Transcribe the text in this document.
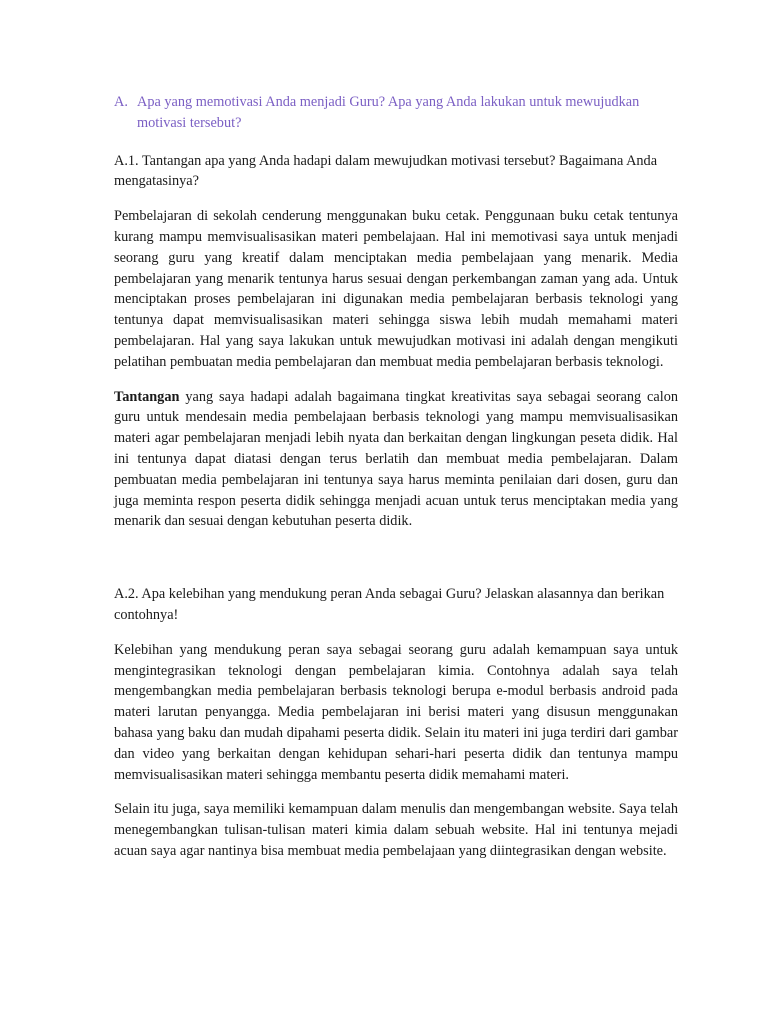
A. Apa yang memotivasi Anda menjadi Guru? Apa yang Anda lakukan untuk mewujudkan motivasi tersebut?
A.1. Tantangan apa yang Anda hadapi dalam mewujudkan motivasi tersebut? Bagaimana Anda mengatasinya?
Pembelajaran di sekolah cenderung menggunakan buku cetak. Penggunaan buku cetak tentunya kurang mampu memvisualisasikan materi pembelajaan. Hal ini memotivasi saya untuk menjadi seorang guru yang kreatif dalam menciptakan media pembelajaan yang menarik. Media pembelajaran yang menarik tentunya harus sesuai dengan perkembangan zaman yang ada. Untuk menciptakan proses pembelajaran ini digunakan media pembelajaran berbasis teknologi yang tentunya dapat memvisualisasikan materi sehingga siswa lebih mudah memahami materi pembelajaran. Hal yang saya lakukan untuk mewujudkan motivasi ini adalah dengan mengikuti pelatihan pembuatan media pembelajaran dan membuat media pembelajaran berbasis teknologi.
Tantangan yang saya hadapi adalah bagaimana tingkat kreativitas saya sebagai seorang calon guru untuk mendesain media pembelajaan berbasis teknologi yang mampu memvisualisasikan materi agar pembelajaran menjadi lebih nyata dan berkaitan dengan lingkungan peseta didik. Hal ini tentunya dapat diatasi dengan terus berlatih dan membuat media pembelajaran. Dalam pembuatan media pembelajaran ini tentunya saya harus meminta penilaian dari dosen, guru dan juga meminta respon peserta didik sehingga menjadi acuan untuk terus menciptakan media yang menarik dan sesuai dengan kebutuhan peserta didik.
A.2. Apa kelebihan yang mendukung peran Anda sebagai Guru? Jelaskan alasannya dan berikan contohnya!
Kelebihan yang mendukung peran saya sebagai seorang guru adalah kemampuan saya untuk mengintegrasikan teknologi dengan pembelajaran kimia. Contohnya adalah saya telah mengembangkan media pembelajaran berbasis teknologi berupa e-modul berbasis android pada materi larutan penyangga. Media pembelajaran ini berisi materi yang disusun menggunakan bahasa yang baku dan mudah dipahami peserta didik. Selain itu materi ini juga terdiri dari gambar dan video yang berkaitan dengan kehidupan sehari-hari peserta didik dan tentunya mampu memvisualisasikan materi sehingga membantu peserta didik memahami materi.
Selain itu juga, saya memiliki kemampuan dalam menulis dan mengembangan website. Saya telah menegembangkan tulisan-tulisan materi kimia dalam sebuah website. Hal ini tentunya mejadi acuan saya agar nantinya bisa membuat media pembelajaan yang diintegrasikan dengan website.
